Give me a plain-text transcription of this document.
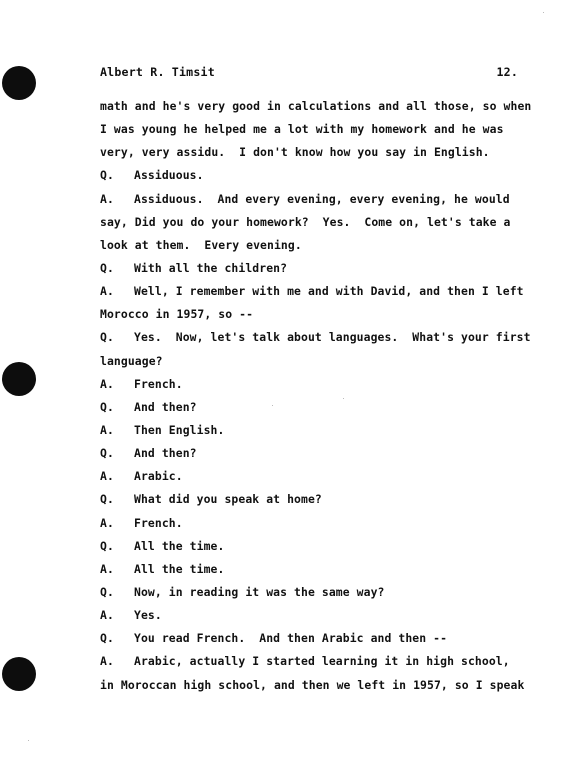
Albert R. Timsit	12.
math and he's very good in calculations and all those, so when
I was young he helped me a lot with my homework and he was
very, very assidu.  I don't know how you say in English.
Q. Assiduous.
A. Assiduous.  And every evening, every evening, he would
say, Did you do your homework?  Yes.  Come on, let's take a
look at them.  Every evening.
Q. With all the children?
A. Well, I remember with me and with David, and then I left
Morocco in 1957, so --
Q. Yes.  Now, let's talk about languages.  What's your first
language?
A. French.
Q. And then?
A. Then English.
Q. And then?
A. Arabic.
Q. What did you speak at home?
A. French.
Q. All the time.
A. All the time.
Q. Now, in reading it was the same way?
A. Yes.
Q. You read French.  And then Arabic and then --
A. Arabic, actually I started learning it in high school,
in Moroccan high school, and then we left in 1957, so I speak
